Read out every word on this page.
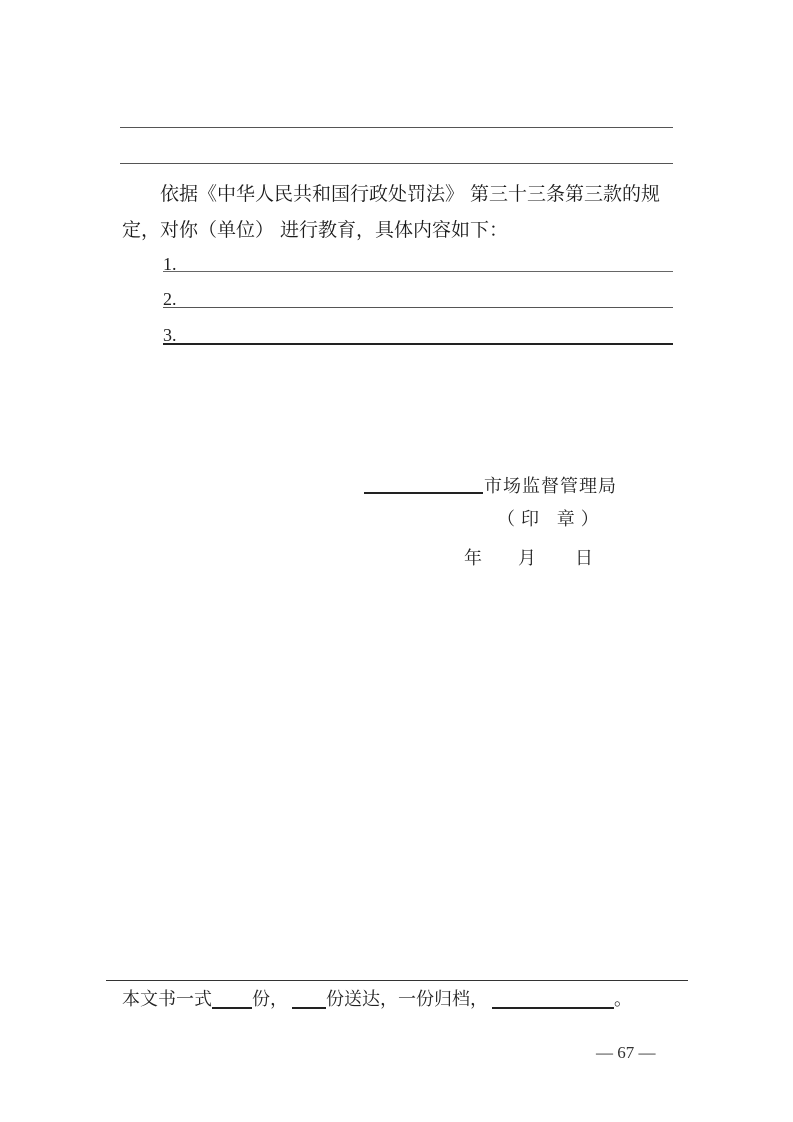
依据《中华人民共和国行政处罚法》 第三十三条第三款的规定，对你（单位） 进行教育，具体内容如下：
1.
2.
3.
市场监督管理局
（印 章）
年 月 日
本文书一式 份， 份送达，一份归档，	。
— 67 —
